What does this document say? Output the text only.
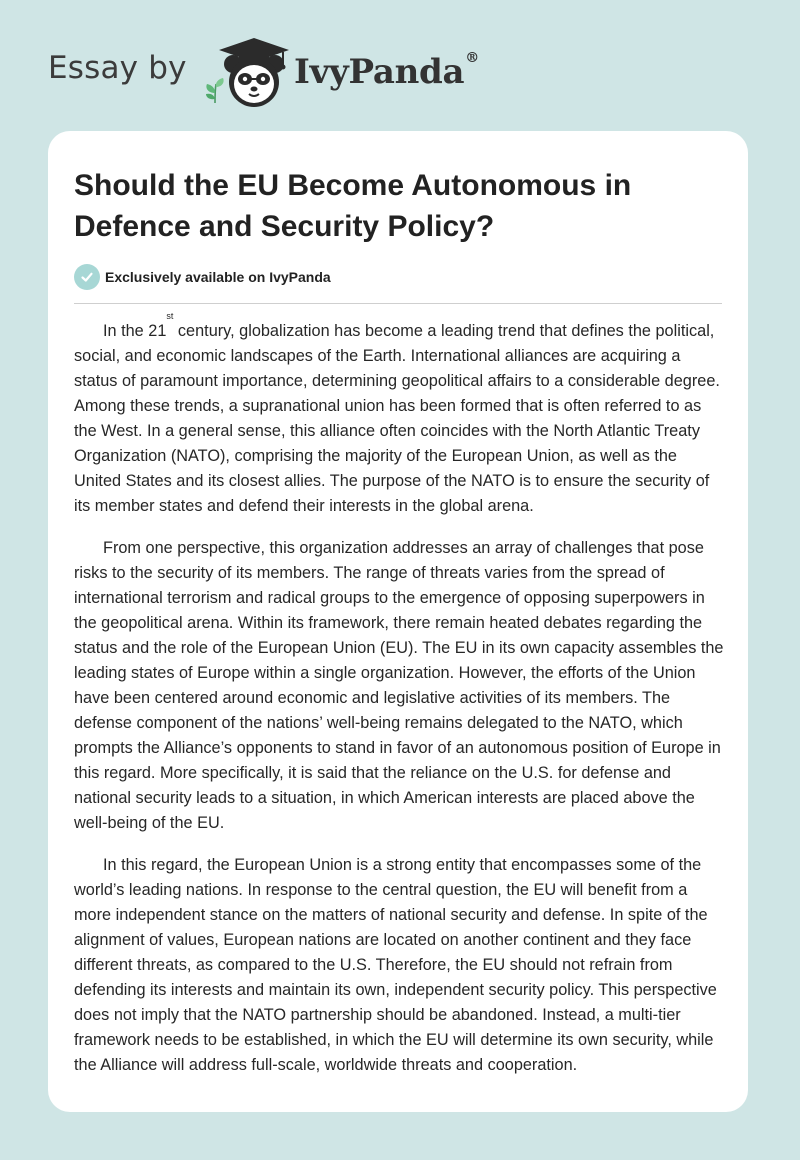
Essay by	IvyPanda®
Should the EU Become Autonomous in Defence and Security Policy?
Exclusively available on IvyPanda

In the 21st century, globalization has become a leading trend that defines the political, social, and economic landscapes of the Earth. International alliances are acquiring a status of paramount importance, determining geopolitical affairs to a considerable degree. Among these trends, a supranational union has been formed that is often referred to as the West. In a general sense, this alliance often coincides with the North Atlantic Treaty Organization (NATO), comprising the majority of the European Union, as well as the United States and its closest allies. The purpose of the NATO is to ensure the security of its member states and defend their interests in the global arena.

From one perspective, this organization addresses an array of challenges that pose risks to the security of its members. The range of threats varies from the spread of international terrorism and radical groups to the emergence of opposing superpowers in the geopolitical arena. Within its framework, there remain heated debates regarding the status and the role of the European Union (EU). The EU in its own capacity assembles the leading states of Europe within a single organization. However, the efforts of the Union have been centered around economic and legislative activities of its members. The defense component of the nations’ well-being remains delegated to the NATO, which prompts the Alliance’s opponents to stand in favor of an autonomous position of Europe in this regard. More specifically, it is said that the reliance on the U.S. for defense and national security leads to a situation, in which American interests are placed above the well-being of the EU.

In this regard, the European Union is a strong entity that encompasses some of the world’s leading nations. In response to the central question, the EU will benefit from a more independent stance on the matters of national security and defense. In spite of the alignment of values, European nations are located on another continent and they face different threats, as compared to the U.S. Therefore, the EU should not refrain from defending its interests and maintain its own, independent security policy. This perspective does not imply that the NATO partnership should be abandoned. Instead, a multi-tier framework needs to be established, in which the EU will determine its own security, while the Alliance will address full-scale, worldwide threats and cooperation.
